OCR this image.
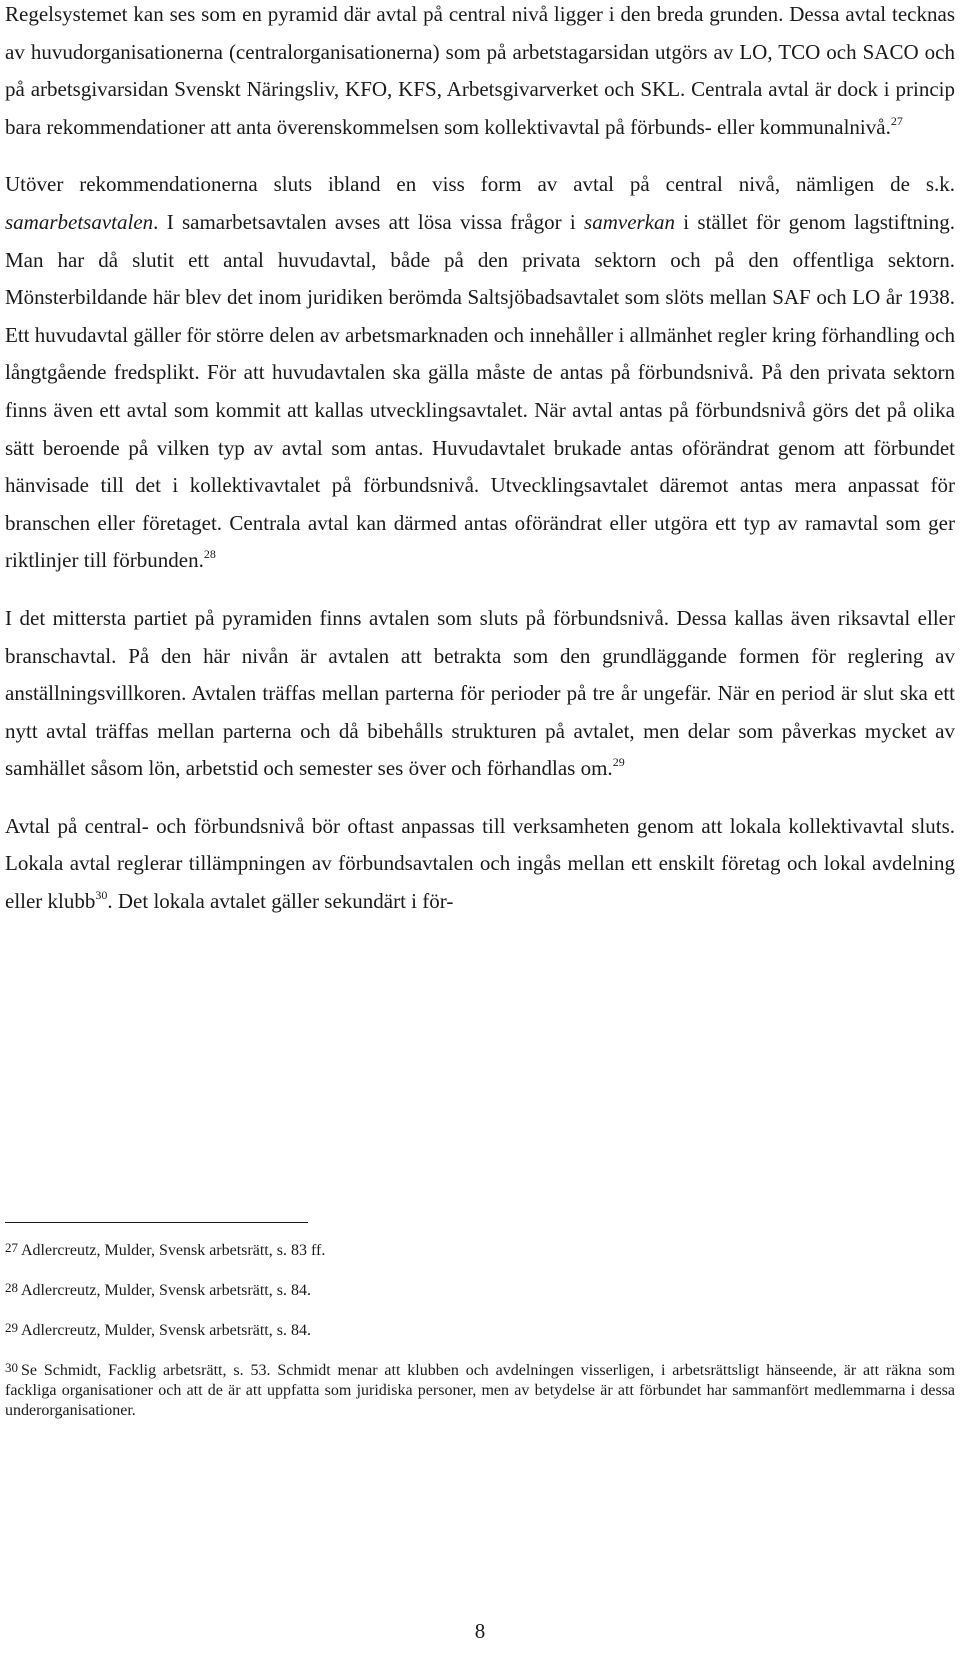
Regelsystemet kan ses som en pyramid där avtal på central nivå ligger i den breda grunden. Dessa avtal tecknas av huvudorganisationerna (centralorganisationerna) som på arbetstagarsidan utgörs av LO, TCO och SACO och på arbetsgivarsidan Svenskt Näringsliv, KFO, KFS, Arbetsgivarverket och SKL. Centrala avtal är dock i princip bara rekommendationer att anta överenskommelsen som kollektivavtal på förbunds- eller kommunalnivå.$^{27}$

Utöver rekommendationerna sluts ibland en viss form av avtal på central nivå, nämligen de s.k. samarbetsavtalen. I samarbetsavtalen avses att lösa vissa frågor i samverkan i stället för genom lagstiftning. Man har då slutit ett antal huvudavtal, både på den privata sektorn och på den offentliga sektorn. Mönsterbildande här blev det inom juridiken berömda Saltsjöbadsavtalet som slöts mellan SAF och LO år 1938. Ett huvudavtal gäller för större delen av arbetsmarknaden och innehåller i allmänhet regler kring förhandling och långtgående fredsplikt. För att huvudavtalen ska gälla måste de antas på förbundsnivå. På den privata sektorn finns även ett avtal som kommit att kallas utvecklingsavtalet. När avtal antas på förbundsnivå görs det på olika sätt beroende på vilken typ av avtal som antas. Huvudavtalet brukade antas oförändrat genom att förbundet hänvisade till det i kollektivavtalet på förbundsnivå. Utvecklingsavtalet däremot antas mera anpassat för branschen eller företaget. Centrala avtal kan därmed antas oförändrat eller utgöra ett typ av ramavtal som ger riktlinjer till förbunden.$^{28}$

I det mittersta partiet på pyramiden finns avtalen som sluts på förbundsnivå. Dessa kallas även riksavtal eller branschavtal. På den här nivån är avtalen att betrakta som den grundläggande formen för reglering av anställningsvillkoren. Avtalen träffas mellan parterna för perioder på tre år ungefär. När en period är slut ska ett nytt avtal träffas mellan parterna och då bibehålls strukturen på avtalet, men delar som påverkas mycket av samhället såsom lön, arbetstid och semester ses över och förhandlas om.$^{29}$

Avtal på central- och förbundsnivå bör oftast anpassas till verksamheten genom att lokala kollektivavtal sluts. Lokala avtal reglerar tillämpningen av förbundsavtalen och ingås mellan ett enskilt företag och lokal avdelning eller klubb$^{30}$. Det lokala avtalet gäller sekundärt i för-

27 Adlercreutz, Mulder, Svensk arbetsrätt, s. 83 ff.

28 Adlercreutz, Mulder, Svensk arbetsrätt, s. 84.

29 Adlercreutz, Mulder, Svensk arbetsrätt, s. 84.

30 Se Schmidt, Facklig arbetsrätt, s. 53. Schmidt menar att klubben och avdelningen visserligen, i arbetsrättsligt hänseende, är att räkna som fackliga organisationer och att de är att uppfatta som juridiska personer, men av betydelse är att förbundet har sammanfört medlemmarna i dessa underorganisationer.

8
